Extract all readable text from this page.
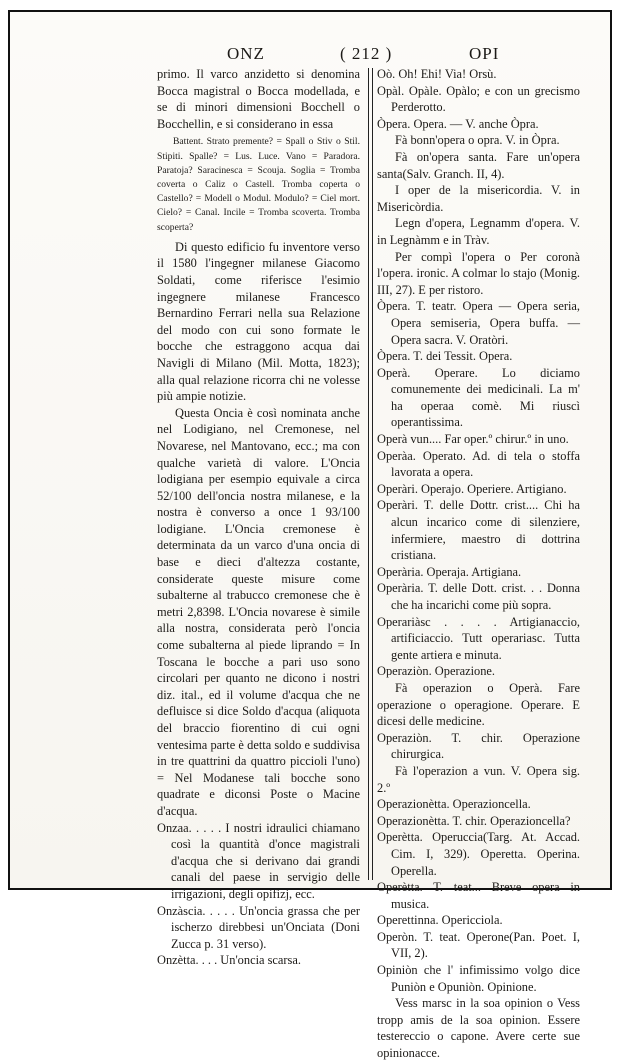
ONZ	( 212 )	OPI

primo. Il varco anzidetto si denomina Bocca magistral o Bocca modellada, e se di minori dimensioni Bocchell o Bocchellin, e si considerano in essa

Battent. Strato premente? = Spall o Stiv o Stil. Stipiti. Spalle? = Lus. Luce. Vano = Paradora. Paratoja? Saracinesca = Scouja. Soglia = Tromba coverta o Caliz o Castell. Tromba coperta o Castello? = Modell o Modul. Modulo? = Ciel mort. Cielo? = Canal. Incile = Tromba scoverta. Tromba scoperta?

Di questo edificio fu inventore verso il 1580 l'ingegner milanese Giacomo Soldati, come riferisce l'esimio ingegnere milanese Francesco Bernardino Ferrari nella sua Relazione del modo con cui sono formate le bocche che estraggono acqua dai Navigli di Milano (Mil. Motta, 1823); alla qual relazione ricorra chi ne volesse più ampie notizie.

Questa Oncia è così nominata anche nel Lodigiano, nel Cremonese, nel Novarese, nel Mantovano, ecc.; ma con qualche varietà di valore. L'Oncia lodigiana per esempio equivale a circa 52/100 dell'oncia nostra milanese, e la nostra è converso a once 1 93/100 lodigiane. L'Oncia cremonese è determinata da un varco d'una oncia di base e dieci d'altezza costante, considerate queste misure come subalterne al trabucco cremonese che è metri 2,8398. L'Oncia novarese è simile alla nostra, considerata però l'oncia come subalterna al piede liprando = In Toscana le bocche a pari uso sono circolari per quanto ne dicono i nostri diz. ital., ed il volume d'acqua che ne defluisce si dice Soldo d'acqua (aliquota del braccio fiorentino di cui ogni ventesima parte è detta soldo e suddivisa in tre quattrini da quattro piccioli l'uno) = Nel Modanese tali bocche sono quadrate e diconsi Poste o Macine d'acqua.

Onzaa. . . . . I nostri idraulici chiamano così la quantità d'once magistrali d'acqua che si derivano dai grandi canali del paese in servigio delle irrigazioni, degli opifizj, ecc.

Onzàscia. . . . . Un'oncia grassa che per ischerzo direbbesi un'Onciata (Doni Zucca p. 31 verso).

Onzètta. . . . Un'oncia scarsa.

Oò. Oh! Ehi! Via! Orsù.

Opàl. Opàle. Opàlo; e con un grecismo Perderotto.

Òpera. Opera. — V. anche Òpra.

Fà bonn'opera o opra. V. in Òpra.

Fà on'opera santa. Fare un'opera santa(Salv. Granch. II, 4).

I oper de la misericordia. V. in Misericòrdia.

Legn d'opera, Legnamm d'opera. V. in Legnàmm e in Tràv.

Per compì l'opera o Per coronà l'opera. ironic. A colmar lo stajo (Monig. III, 27). E per ristoro.

Òpera. T. teatr. Opera — Opera seria, Opera semiseria, Opera buffa. — Opera sacra. V. Oratòri.

Òpera. T. dei Tessit. Opera.

Operà. Operare. Lo diciamo comunemente dei medicinali. La m' ha operaa comè. Mi riuscì operantissima.

Operà vun.... Far oper.º chirur.º in uno.

Operàa. Operato. Ad. di tela o stoffa lavorata a opera.

Operàri. Operajo. Operiere. Artigiano.

Operàri. T. delle Dottr. crist.... Chi ha alcun incarico come di silenziere, infermiere, maestro di dottrina cristiana.

Operària. Operaja. Artigiana.

Operària. T. delle Dott. crist. . . Donna che ha incarichi come più sopra.

Operariàsc . . . . Artigianaccio, artificiaccio. Tutt operariasc. Tutta gente artiera e minuta.

Operaziòn. Operazione.

Fà operazion o Operà. Fare operazione o operagione. Operare. E dicesi delle medicine.

Operaziòn. T. chir. Operazione chirurgica.

Fà l'operazion a vun. V. Opera sig. 2.º

Operazionètta. Operazioncella.

Operazionètta. T. chir. Operazioncella?

Operètta. Operuccia(Targ. At. Accad. Cim. I, 329). Operetta. Operina. Operella.

Operètta. T. teat... Breve opera in musica.

Operettinna. Opericciola.

Operòn. T. teat. Operone(Pan. Poet. I, VII, 2).

Opiniòn che l' infimissimo volgo dice Puniòn e Opuniòn. Opinione.

Vess marsc in la soa opinion o Vess tropp amis de la soa opinion. Essere testereccio o capone. Avere certe sue opinionacce.
